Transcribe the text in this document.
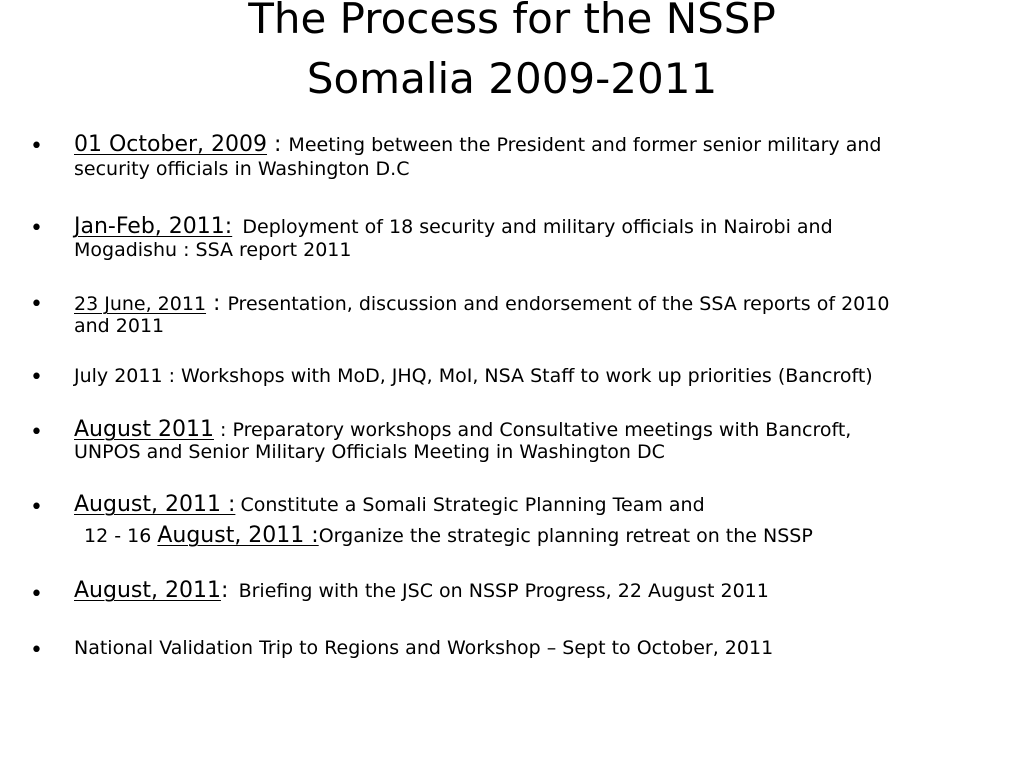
The Process for the NSSP
Somalia 2009-2011
• 01 October, 2009 : Meeting between the President and former senior military and
security officials in Washington D.C
• Jan-Feb, 2011: Deployment of 18 security and military officials in Nairobi and
Mogadishu : SSA report 2011
• 23 June, 2011 : Presentation, discussion and endorsement of the SSA reports of 2010
and 2011
• July 2011 : Workshops with MoD, JHQ, MoI, NSA Staff to work up priorities (Bancroft)
• August 2011 : Preparatory workshops and Consultative meetings with Bancroft,
UNPOS and Senior Military Officials Meeting in Washington DC
• August, 2011 : Constitute a Somali Strategic Planning Team and
12 - 16 August, 2011 :Organize the strategic planning retreat on the NSSP
• August, 2011: Briefing with the JSC on NSSP Progress, 22 August 2011
• National Validation Trip to Regions and Workshop – Sept to October, 2011
